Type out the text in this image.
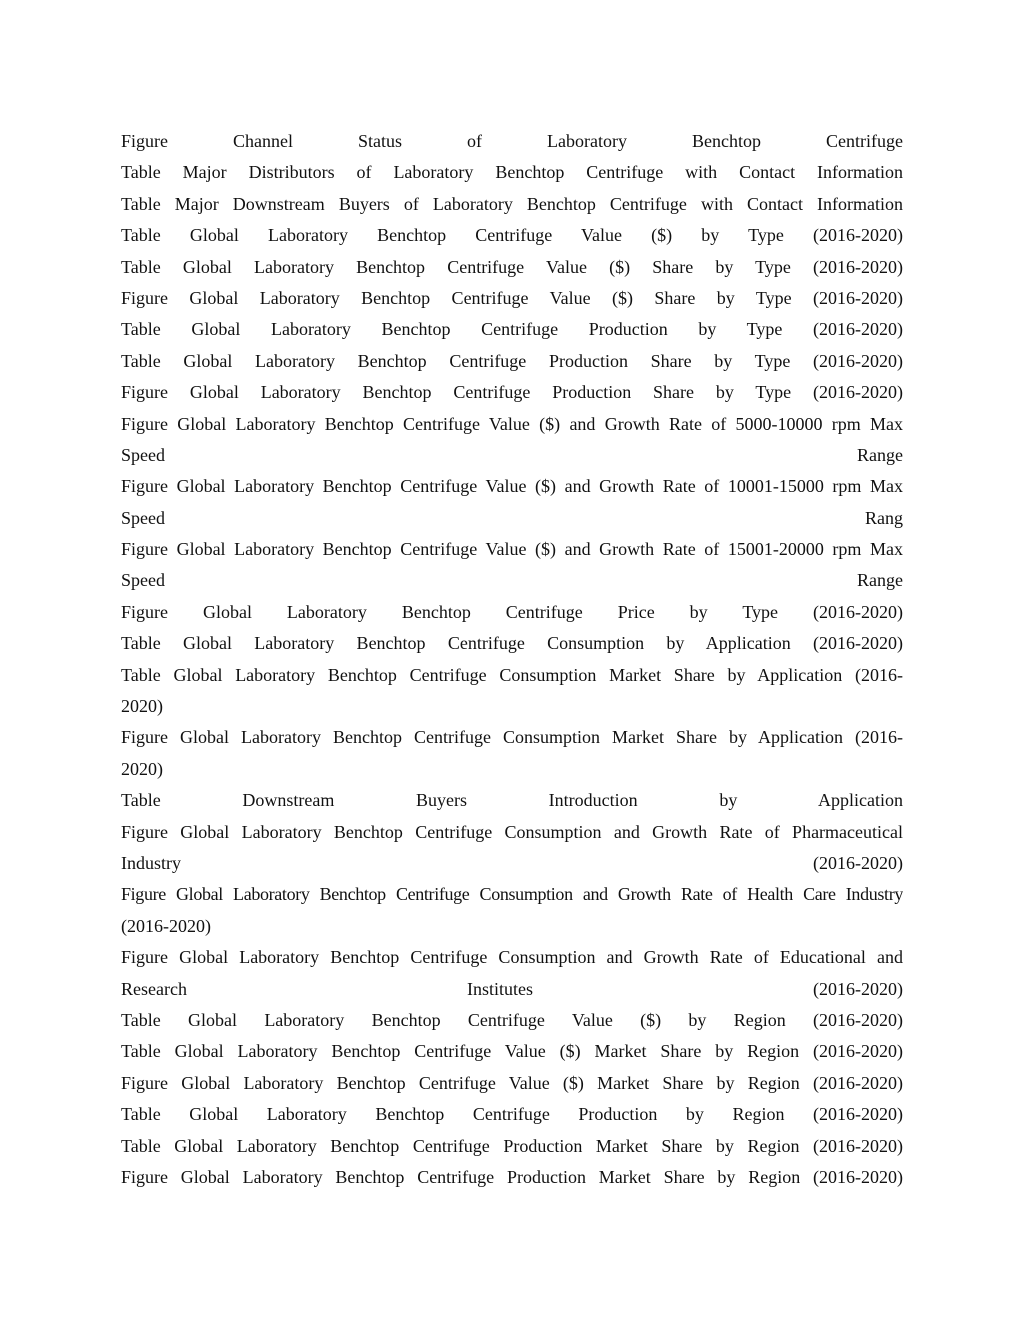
Figure Channel Status of Laboratory Benchtop Centrifuge
Table Major Distributors of Laboratory Benchtop Centrifuge with Contact Information
Table Major Downstream Buyers of Laboratory Benchtop Centrifuge with Contact Information
Table Global Laboratory Benchtop Centrifuge Value ($) by Type (2016-2020)
Table Global Laboratory Benchtop Centrifuge Value ($) Share by Type (2016-2020)
Figure Global Laboratory Benchtop Centrifuge Value ($) Share by Type (2016-2020)
Table Global Laboratory Benchtop Centrifuge Production by Type (2016-2020)
Table Global Laboratory Benchtop Centrifuge Production Share by Type (2016-2020)
Figure Global Laboratory Benchtop Centrifuge Production Share by Type (2016-2020)
Figure Global Laboratory Benchtop Centrifuge Value ($) and Growth Rate of 5000-10000 rpm Max
Speed Range
Figure Global Laboratory Benchtop Centrifuge Value ($) and Growth Rate of 10001-15000 rpm Max
Speed Rang
Figure Global Laboratory Benchtop Centrifuge Value ($) and Growth Rate of 15001-20000 rpm Max
Speed Range
Figure Global Laboratory Benchtop Centrifuge Price by Type (2016-2020)
Table Global Laboratory Benchtop Centrifuge Consumption by Application (2016-2020)
Table Global Laboratory Benchtop Centrifuge Consumption Market Share by Application (2016-
2020)
Figure Global Laboratory Benchtop Centrifuge Consumption Market Share by Application (2016-
2020)
Table Downstream Buyers Introduction by Application
Figure Global Laboratory Benchtop Centrifuge Consumption and Growth Rate of Pharmaceutical
Industry (2016-2020)
Figure Global Laboratory Benchtop Centrifuge Consumption and Growth Rate of Health Care Industry
(2016-2020)
Figure Global Laboratory Benchtop Centrifuge Consumption and Growth Rate of Educational and
Research Institutes (2016-2020)
Table Global Laboratory Benchtop Centrifuge Value ($) by Region (2016-2020)
Table Global Laboratory Benchtop Centrifuge Value ($) Market Share by Region (2016-2020)
Figure Global Laboratory Benchtop Centrifuge Value ($) Market Share by Region (2016-2020)
Table Global Laboratory Benchtop Centrifuge Production by Region (2016-2020)
Table Global Laboratory Benchtop Centrifuge Production Market Share by Region (2016-2020)
Figure Global Laboratory Benchtop Centrifuge Production Market Share by Region (2016-2020)
